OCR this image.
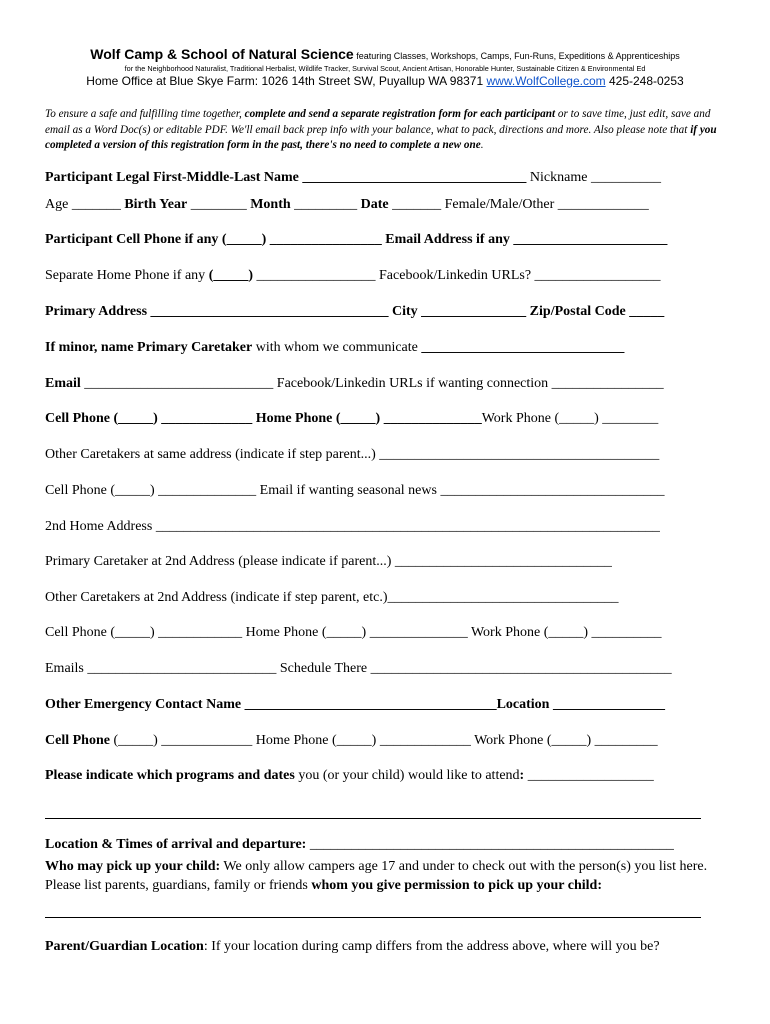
Wolf Camp & School of Natural Science featuring Classes, Workshops, Camps, Fun-Runs, Expeditions & Apprenticeships
for the Neighborhood Naturalist, Traditional Herbalist, Wildlife Tracker, Survival Scout, Ancient Artisan, Honorable Hunter, Sustainable Citizen & Environmental Ed
Home Office at Blue Skye Farm: 1026 14th Street SW, Puyallup WA 98371 www.WolfCollege.com 425-248-0253
To ensure a safe and fulfilling time together, complete and send a separate registration form for each participant or to save time, just edit, save and email as a Word Doc(s) or editable PDF. We'll email back prep info with your balance, what to pack, directions and more. Also please note that if you completed a version of this registration form in the past, there's no need to complete a new one.
Participant Legal First-Middle-Last Name ________________________________ Nickname __________
Age _______ Birth Year ________ Month _________ Date _______ Female/Male/Other _____________
Participant Cell Phone if any (_____) ________________ Email Address if any ______________________
Separate Home Phone if any (_____) _________________ Facebook/Linkedin URLs? __________________
Primary Address __________________________________ City _______________ Zip/Postal Code _____
If minor, name Primary Caretaker with whom we communicate _____________________________
Email ___________________________ Facebook/Linkedin URLs if wanting connection ________________
Cell Phone (_____) _____________ Home Phone (_____) ______________Work Phone (_____) ________
Other Caretakers at same address (indicate if step parent...) ________________________________________
Cell Phone (_____) ______________ Email if wanting seasonal news ________________________________
2nd Home Address ________________________________________________________________________
Primary Caretaker at 2nd Address (please indicate if parent...) _______________________________
Other Caretakers at 2nd Address (indicate if step parent, etc.)_________________________________
Cell Phone (_____) ____________ Home Phone (_____) ______________ Work Phone (_____) __________
Emails ___________________________ Schedule There ___________________________________________
Other Emergency Contact Name ____________________________________Location ________________
Cell Phone (_____) _____________ Home Phone (_____) _____________ Work Phone (_____) _________
Please indicate which programs and dates you (or your child) would like to attend: __________________
Location & Times of arrival and departure: ____________________________________________________
Who may pick up your child: We only allow campers age 17 and under to check out with the person(s) you list here. Please list parents, guardians, family or friends whom you give permission to pick up your child:
Parent/Guardian Location: If your location during camp differs from the address above, where will you be?
